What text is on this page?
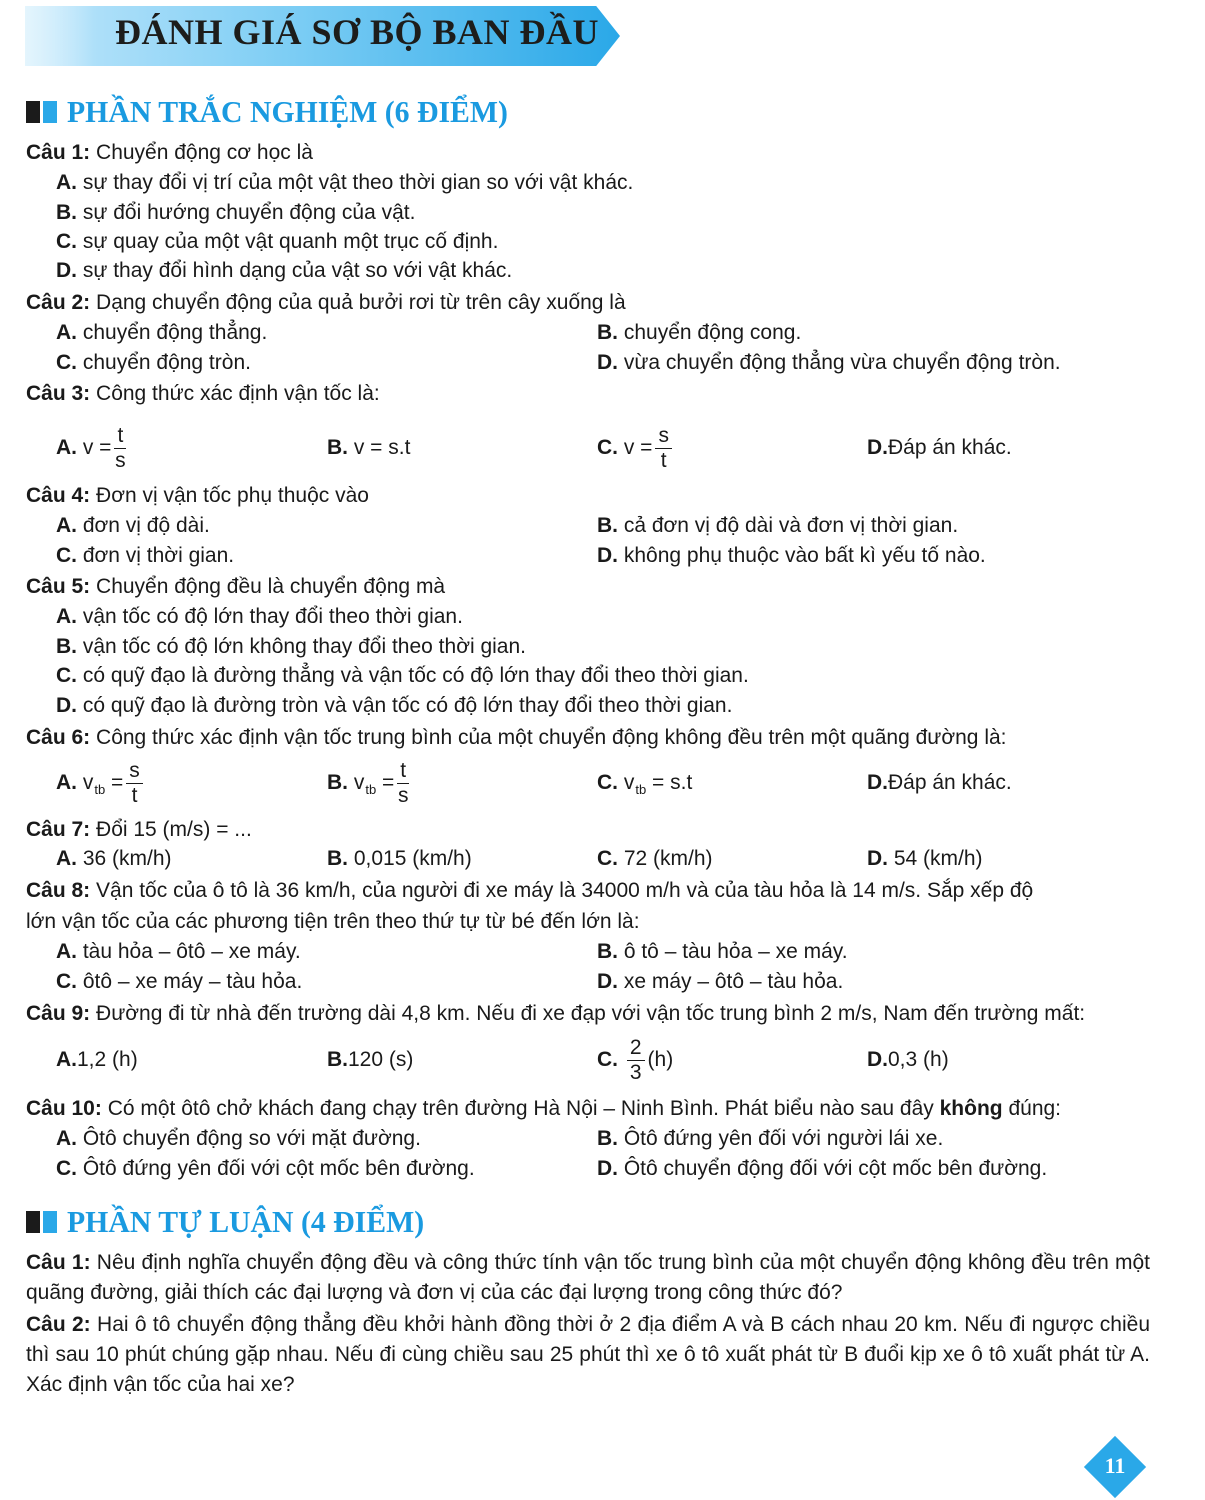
ĐÁNH GIÁ SƠ BỘ BAN ĐẦU
PHẦN TRẮC NGHIỆM (6 ĐIỂM)
Câu 1: Chuyển động cơ học là
A. sự thay đổi vị trí của một vật theo thời gian so với vật khác.
B. sự đổi hướng chuyển động của vật.
C. sự quay của một vật quanh một trục cố định.
D. sự thay đổi hình dạng của vật so với vật khác.
Câu 2: Dạng chuyển động của quả bưởi rơi từ trên cây xuống là
A. chuyển động thẳng.	B. chuyển động cong.
C. chuyển động tròn.	D. vừa chuyển động thẳng vừa chuyển động tròn.
Câu 3: Công thức xác định vận tốc là:
A.
$v = \frac{t}{s}$	B.
v = s.t	C.
$v = \frac{s}{t}$	D. Đáp án khác.
Câu 4: Đơn vị vận tốc phụ thuộc vào
A. đơn vị độ dài.	B. cả đơn vị độ dài và đơn vị thời gian.
C. đơn vị thời gian.	D. không phụ thuộc vào bất kì yếu tố nào.
Câu 5: Chuyển động đều là chuyển động mà
A. vận tốc có độ lớn thay đổi theo thời gian.
B. vận tốc có độ lớn không thay đổi theo thời gian.
C. có quỹ đạo là đường thẳng và vận tốc có độ lớn thay đổi theo thời gian.
D. có quỹ đạo là đường tròn và vận tốc có độ lớn thay đổi theo thời gian.
Câu 6: Công thức xác định vận tốc trung bình của một chuyển động không đều trên một quãng đường là:
A.
v tb
= $\frac{s}{t}$	B.
v tb
= $\frac{t}{s}$	C.
v tb
= s.t	D. Đáp án khác.
Câu 7: Đổi 15 (m/s) = ...
A. 36 (km/h)	B. 0,015 (km/h)	C. 72 (km/h)	D. 54 (km/h)
Câu 8: Vận tốc của ô tô là 36 km/h, của người đi xe máy là 34000 m/h và của tàu hỏa là 14 m/s. Sắp xếp độ
lớn vận tốc của các phương tiện trên theo thứ tự từ bé đến lớn là:
A. tàu hỏa – ôtô – xe máy.	B. ô tô – tàu hỏa – xe máy.
C. ôtô – xe máy – tàu hỏa.	D. xe máy – ôtô – tàu hỏa.
Câu 9: Đường đi từ nhà đến trường dài 4,8 km. Nếu đi xe đạp với vận tốc trung bình 2 m/s, Nam đến trường mất:
A. 1,2 (h)	B. 120 (s)	C.
$\frac{2}{3} (h)$	D. 0,3 (h)
Câu 10: Có một ôtô chở khách đang chạy trên đường Hà Nội – Ninh Bình. Phát biểu nào sau đây không đúng:
A. Ôtô chuyển động so với mặt đường.	B. Ôtô đứng yên đối với người lái xe.
C. Ôtô đứng yên đối với cột mốc bên đường.	D. Ôtô chuyển động đối với cột mốc bên đường.
PHẦN TỰ LUẬN (4 ĐIỂM)

Câu 1: Nêu định nghĩa chuyển động đều và công thức tính vận tốc trung bình của một chuyển động không đều trên một quãng đường, giải thích các đại lượng và đơn vị của các đại lượng trong công thức đó?

Câu 2: Hai ô tô chuyển động thẳng đều khởi hành đồng thời ở 2 địa điểm A và B cách nhau 20 km. Nếu đi ngược chiều thì sau 10 phút chúng gặp nhau. Nếu đi cùng chiều sau 25 phút thì xe ô tô xuất phát từ B đuổi kịp xe ô tô xuất phát từ A. Xác định vận tốc của hai xe?

11
